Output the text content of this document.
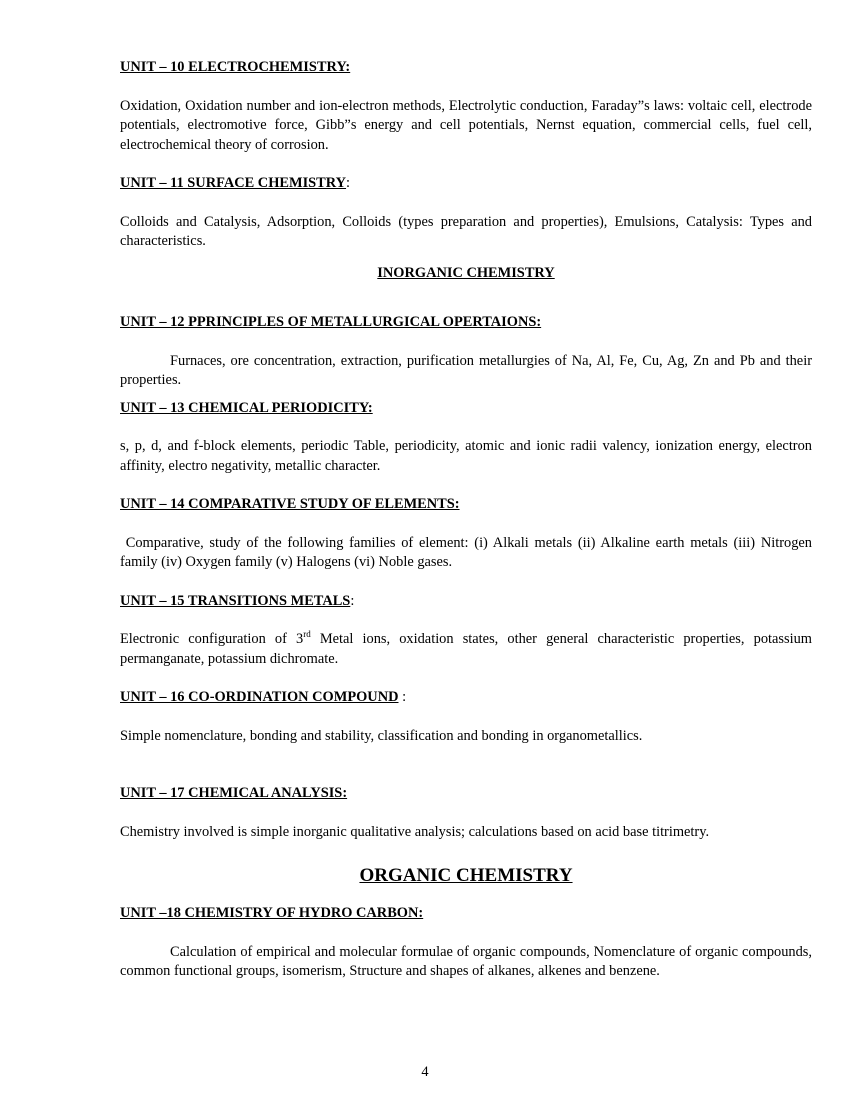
UNIT – 10 ELECTROCHEMISTRY:

Oxidation, Oxidation number and ion-electron methods, Electrolytic conduction, Faraday”s laws: voltaic cell, electrode potentials, electromotive force, Gibb”s energy and cell potentials, Nernst equation, commercial cells, fuel cell, electrochemical theory of corrosion.

UNIT – 11 SURFACE CHEMISTRY:

Colloids and Catalysis, Adsorption, Colloids (types preparation and properties), Emulsions, Catalysis: Types and characteristics.

INORGANIC CHEMISTRY

UNIT – 12 PPRINCIPLES OF METALLURGICAL OPERTAIONS:

Furnaces, ore concentration, extraction, purification metallurgies of Na, Al, Fe, Cu, Ag, Zn and Pb and their properties.

UNIT – 13 CHEMICAL PERIODICITY:

s, p, d, and f-block elements, periodic Table, periodicity, atomic and ionic radii valency, ionization energy, electron affinity, electro negativity, metallic character.

UNIT – 14 COMPARATIVE STUDY OF ELEMENTS:

Comparative, study of the following families of element: (i) Alkali metals (ii) Alkaline earth metals (iii) Nitrogen family (iv) Oxygen family (v) Halogens (vi) Noble gases.

UNIT – 15 TRANSITIONS METALS:

Electronic configuration of 3rd Metal ions, oxidation states, other general characteristic properties, potassium permanganate, potassium dichromate.

UNIT – 16 CO-ORDINATION COMPOUND :

Simple nomenclature, bonding and stability, classification and bonding in organometallics.

UNIT – 17 CHEMICAL ANALYSIS:

Chemistry involved is simple inorganic qualitative analysis; calculations based on acid base titrimetry.

ORGANIC CHEMISTRY

UNIT –18 CHEMISTRY OF HYDRO CARBON:

Calculation of empirical and molecular formulae of organic compounds, Nomenclature of organic compounds, common functional groups, isomerism, Structure and shapes of alkanes, alkenes and benzene.

4
